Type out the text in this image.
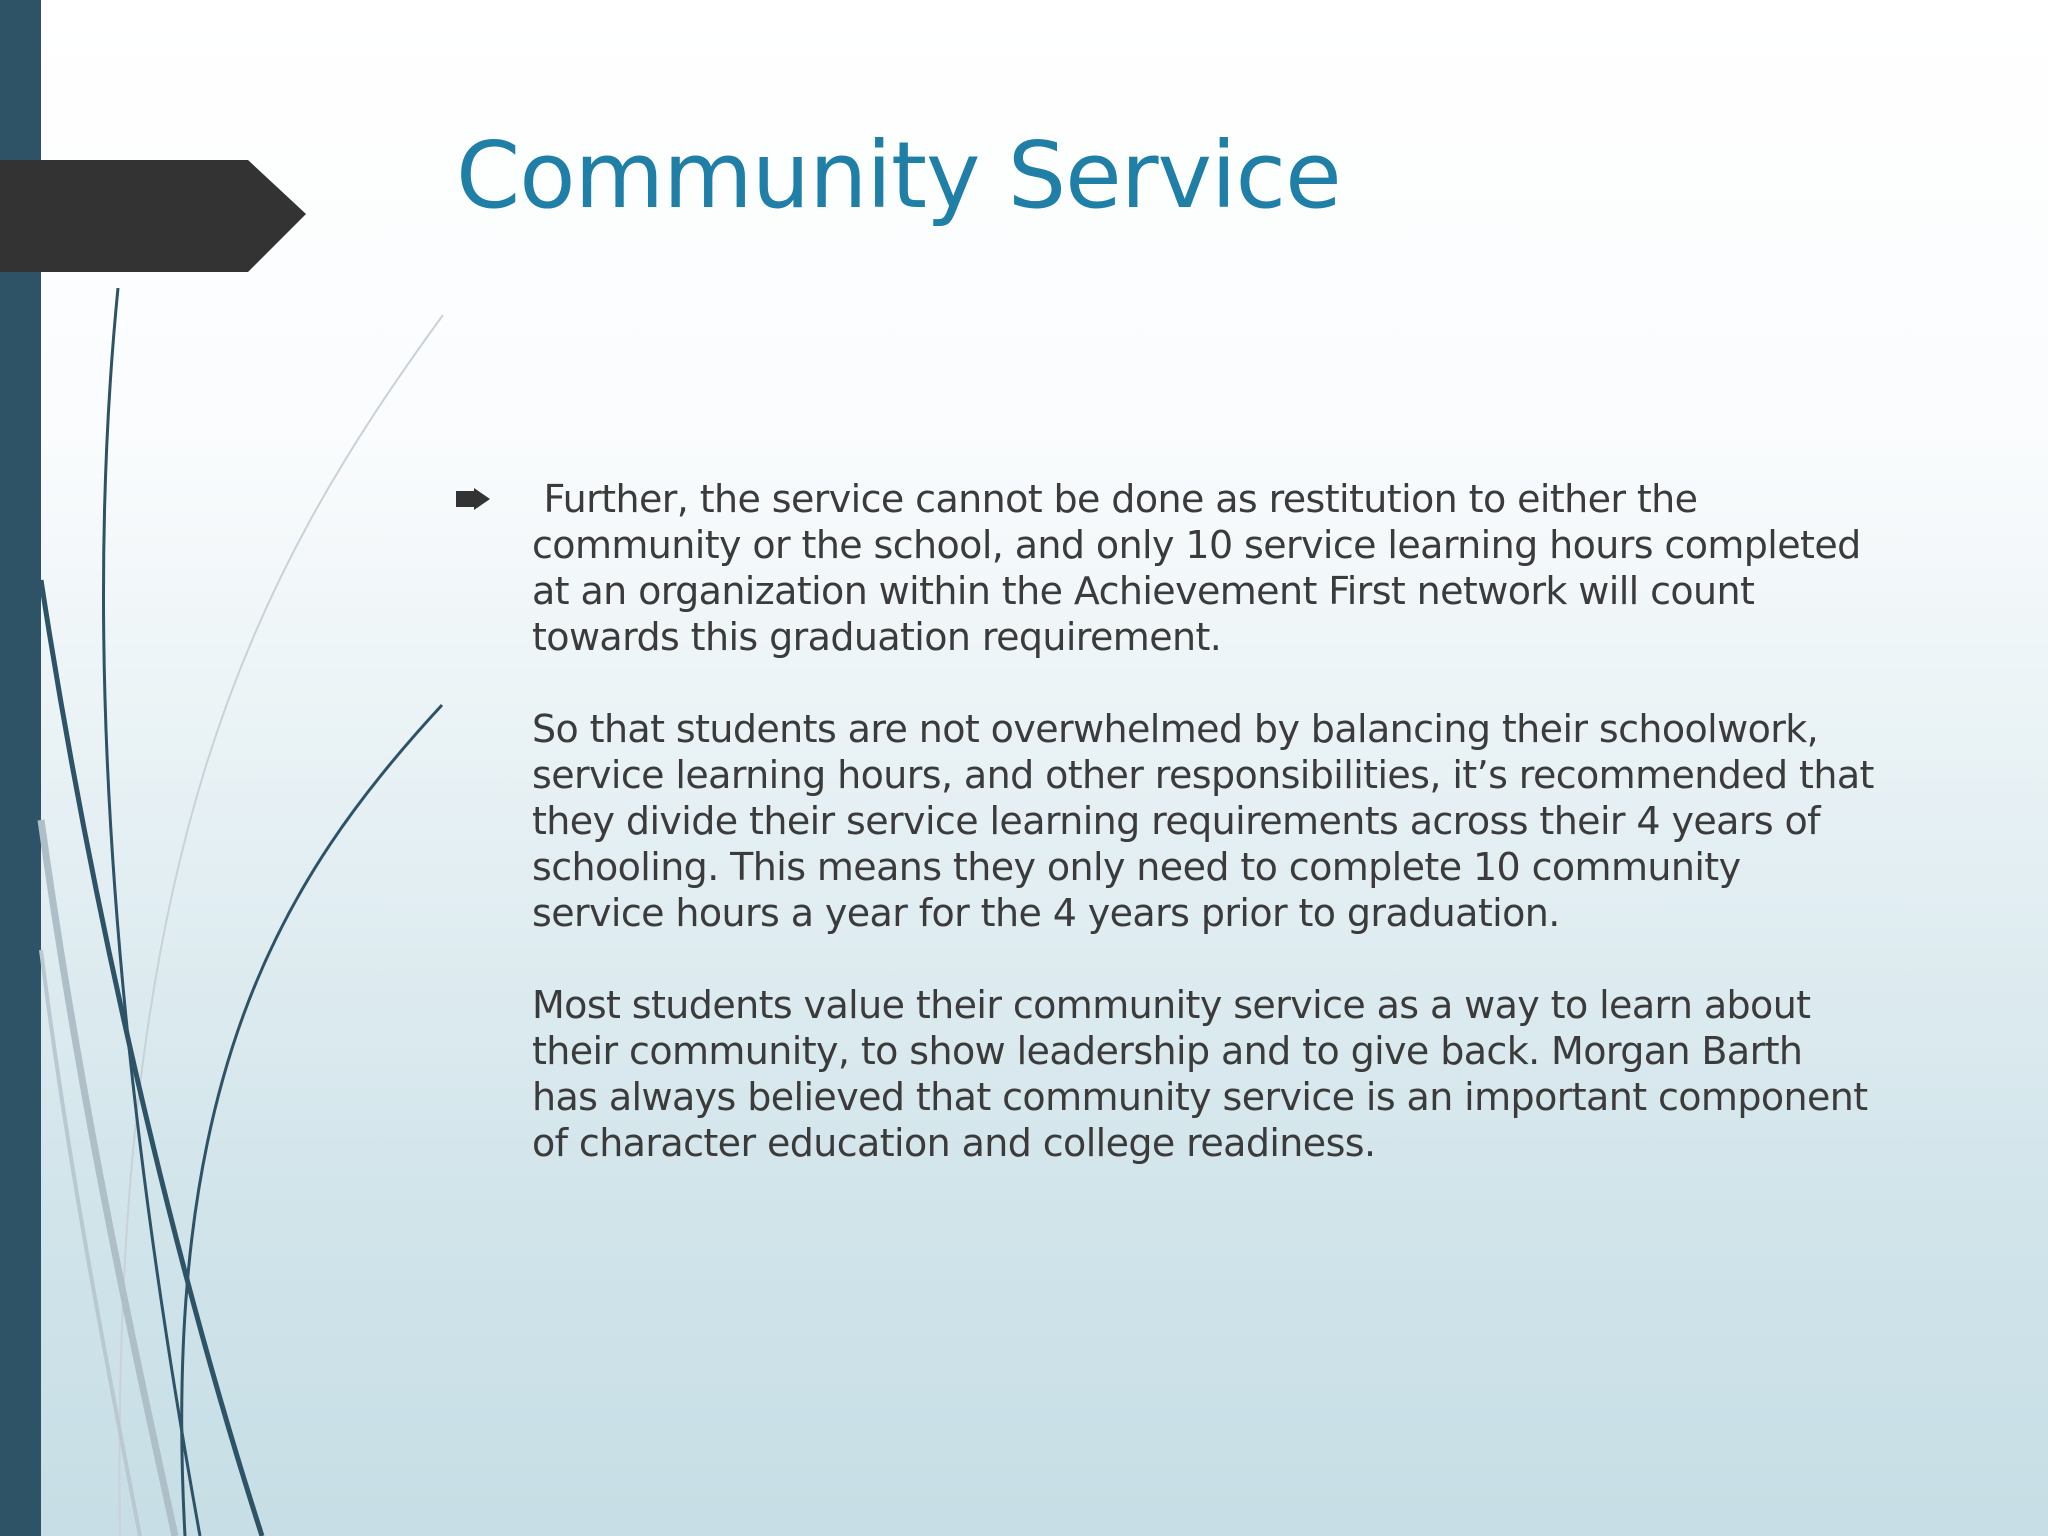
Community Service

Further, the service cannot be done as restitution to either the
community or the school, and only 10 service learning hours completed
at an organization within the Achievement First network will count
towards this graduation requirement.

So that students are not overwhelmed by balancing their schoolwork,
service learning hours, and other responsibilities, it’s recommended that
they divide their service learning requirements across their 4 years of
schooling. This means they only need to complete 10 community
service hours a year for the 4 years prior to graduation.

Most students value their community service as a way to learn about
their community, to show leadership and to give back. Morgan Barth
has always believed that community service is an important component
of character education and college readiness.
